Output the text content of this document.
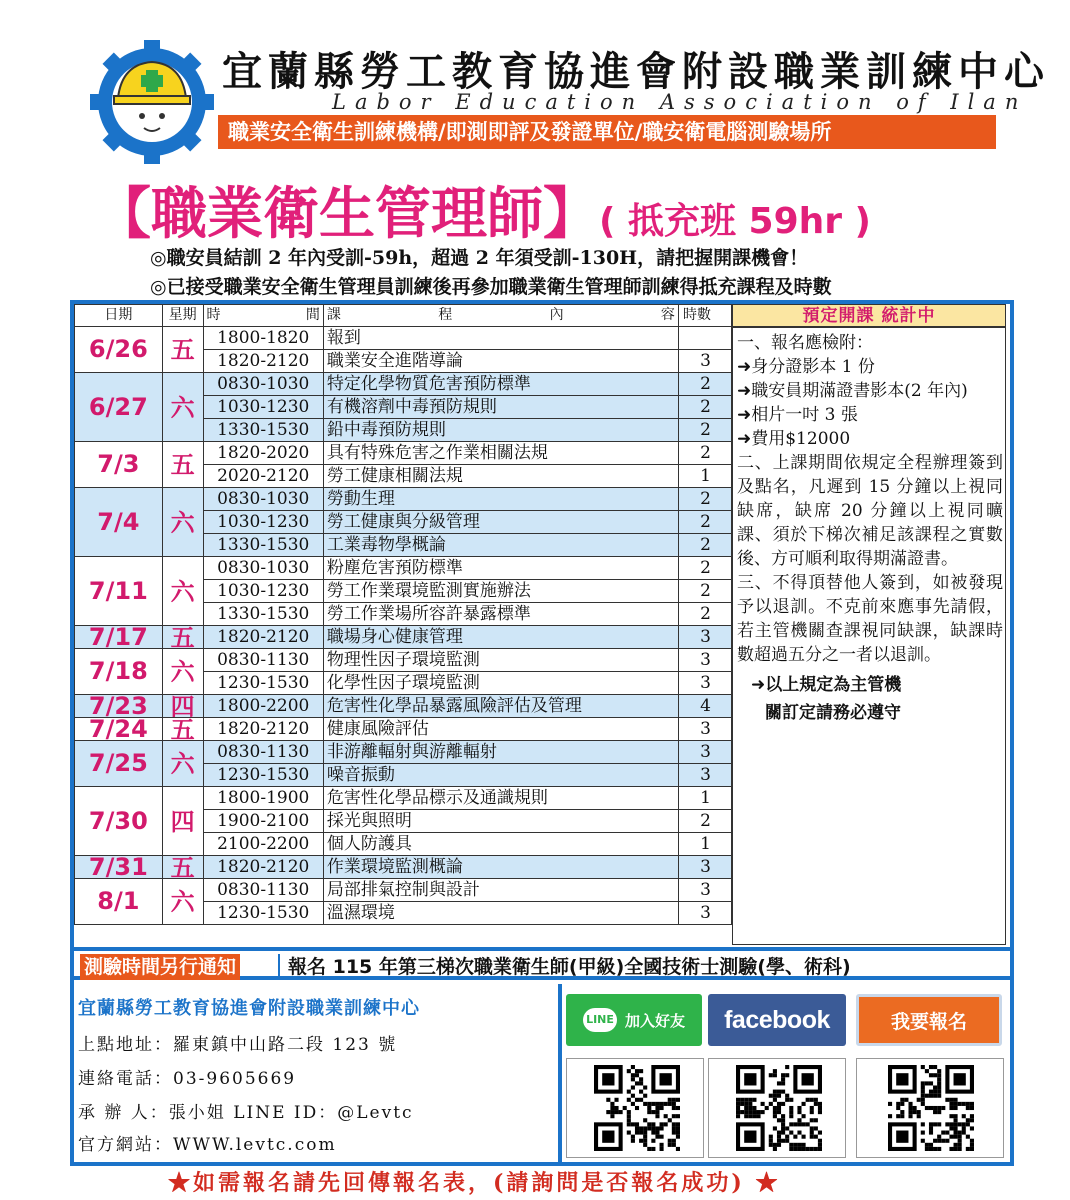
宜蘭縣勞工教育協進會附設職業訓練中心
Labor Education Association of Ilan
職業安全衛生訓練機構/即測即評及發證單位/職安衛電腦測驗場所
【職業衛生管理師】( 抵充班 59hr )
◎職安員結訓 2 年內受訓-59h，超過 2 年須受訓-130H，請把握開課機會！
◎已接受職業安全衛生管理員訓練後再參加職業衛生管理師訓練得抵充課程及時數
日期	星期	時間	課程內容	時數
6/26	五	1800-1820	報到	
		1820-2120	職業安全進階導論	3
6/27	六	0830-1030	特定化學物質危害預防標準	2
		1030-1230	有機溶劑中毒預防規則	2
		1330-1530	鉛中毒預防規則	2
7/3	五	1820-2020	具有特殊危害之作業相關法規	2
		2020-2120	勞工健康相關法規	1
7/4	六	0830-1030	勞動生理	2
		1030-1230	勞工健康與分級管理	2
		1330-1530	工業毒物學概論	2
7/11	六	0830-1030	粉塵危害預防標準	2
		1030-1230	勞工作業環境監測實施辦法	2
		1330-1530	勞工作業場所容許暴露標準	2
7/17	五	1820-2120	職場身心健康管理	3
7/18	六	0830-1130	物理性因子環境監測	3
		1230-1530	化學性因子環境監測	3
7/23	四	1800-2200	危害性化學品暴露風險評估及管理	4
7/24	五	1820-2120	健康風險評估	3
7/25	六	0830-1130	非游離輻射與游離輻射	3
		1230-1530	噪音振動	3
7/30	四	1800-1900	危害性化學品標示及通識規則	1
		1900-2100	採光與照明	2
		2100-2200	個人防護具	1
7/31	五	1820-2120	作業環境監測概論	3
8/1	六	0830-1130	局部排氣控制與設計	3
		1230-1530	溫濕環境	3
預定開課 統計中

一、報名應檢附：

➜身分證影本 1 份

➜職安員期滿證書影本(2 年內)

➜相片一吋 3 張

➜費用$12000

二、上課期間依規定全程辦理簽到及點名，凡遲到 15 分鐘以上視同缺席，缺席 20 分鐘以上視同曠課、須於下梯次補足該課程之實數後、方可順利取得期滿證書。

三、不得頂替他人簽到，如被發現予以退訓。不克前來應事先請假，若主管機關查課視同缺課，缺課時數超過五分之一者以退訓。

➜以上規定為主管機
關訂定請務必遵守

測驗時間另行通知	報名 115 年第三梯次職業衛生師(甲級)全國技術士測驗(學、術科)
宜蘭縣勞工教育協進會附設職業訓練中心
上點地址：羅東鎮中山路二段 123 號
連絡電話：03-9605669
承 辦 人：張小姐 LINE ID：@Levtc
官方網站：WWW.levtc.com
LINE 加入好友	facebook	我要報名
★如需報名請先回傳報名表，(請詢問是否報名成功) ★
